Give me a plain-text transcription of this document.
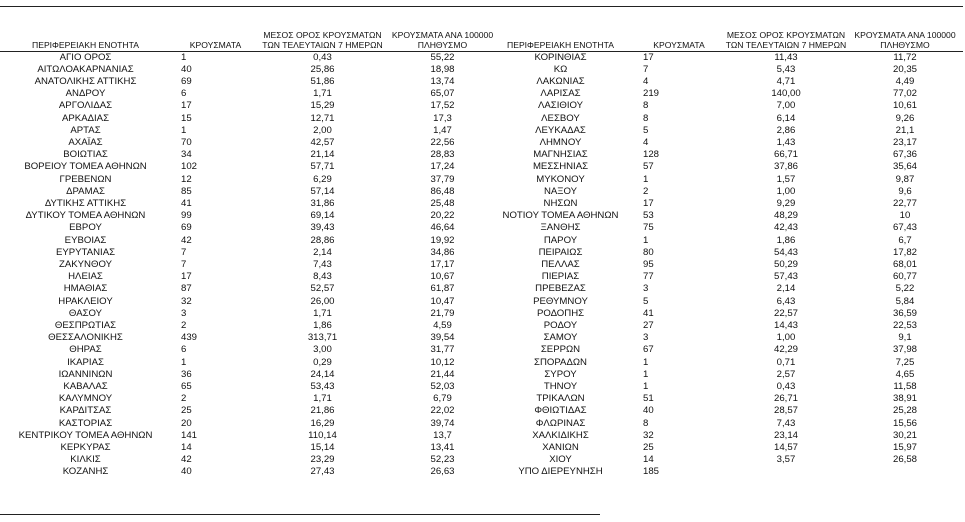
ΠΕΡΙΦΕΡΕΙΑΚΗ ΕΝΟΤΗΤΑ	ΚΡΟΥΣΜΑΤΑ	ΜΕΣΟΣ ΟΡΟΣ ΚΡΟΥΣΜΑΤΩΝ ΤΩΝ ΤΕΛΕΥΤΑΙΩΝ 7 ΗΜΕΡΩΝ	ΚΡΟΥΣΜΑΤΑ ΑΝΑ 100000 ΠΛΗΘΥΣΜΟ
ΑΓΙΟ ΟΡΟΣ	1	0,43	55,22
ΑΙΤΩΛΟΑΚΑΡΝΑΝΙΑΣ	40	25,86	18,98
ΑΝΑΤΟΛΙΚΗΣ ΑΤΤΙΚΗΣ	69	51,86	13,74
ΑΝΔΡΟΥ	6	1,71	65,07
ΑΡΓΟΛΙΔΑΣ	17	15,29	17,52
ΑΡΚΑΔΙΑΣ	15	12,71	17,3
ΑΡΤΑΣ	1	2,00	1,47
ΑΧΑΪΑΣ	70	42,57	22,56
ΒΟΙΩΤΙΑΣ	34	21,14	28,83
ΒΟΡΕΙΟΥ ΤΟΜΕΑ ΑΘΗΝΩΝ	102	57,71	17,24
ΓΡΕΒΕΝΩΝ	12	6,29	37,79
ΔΡΑΜΑΣ	85	57,14	86,48
ΔΥΤΙΚΗΣ ΑΤΤΙΚΗΣ	41	31,86	25,48
ΔΥΤΙΚΟΥ ΤΟΜΕΑ ΑΘΗΝΩΝ	99	69,14	20,22
ΕΒΡΟΥ	69	39,43	46,64
ΕΥΒΟΙΑΣ	42	28,86	19,92
ΕΥΡΥΤΑΝΙΑΣ	7	2,14	34,86
ΖΑΚΥΝΘΟΥ	7	7,43	17,17
ΗΛΕΙΑΣ	17	8,43	10,67
ΗΜΑΘΙΑΣ	87	52,57	61,87
ΗΡΑΚΛΕΙΟΥ	32	26,00	10,47
ΘΑΣΟΥ	3	1,71	21,79
ΘΕΣΠΡΩΤΙΑΣ	2	1,86	4,59
ΘΕΣΣΑΛΟΝΙΚΗΣ	439	313,71	39,54
ΘΗΡΑΣ	6	3,00	31,77
ΙΚΑΡΙΑΣ	1	0,29	10,12
ΙΩΑΝΝΙΝΩΝ	36	24,14	21,44
ΚΑΒΑΛΑΣ	65	53,43	52,03
ΚΑΛΥΜΝΟΥ	2	1,71	6,79
ΚΑΡΔΙΤΣΑΣ	25	21,86	22,02
ΚΑΣΤΟΡΙΑΣ	20	16,29	39,74
ΚΕΝΤΡΙΚΟΥ ΤΟΜΕΑ ΑΘΗΝΩΝ	141	110,14	13,7
ΚΕΡΚΥΡΑΣ	14	15,14	13,41
ΚΙΛΚΙΣ	42	23,29	52,23
ΚΟΖΑΝΗΣ	40	27,43	26,63
ΠΕΡΙΦΕΡΕΙΑΚΗ ΕΝΟΤΗΤΑ	ΚΡΟΥΣΜΑΤΑ	ΜΕΣΟΣ ΟΡΟΣ ΚΡΟΥΣΜΑΤΩΝ ΤΩΝ ΤΕΛΕΥΤΑΙΩΝ 7 ΗΜΕΡΩΝ	ΚΡΟΥΣΜΑΤΑ ΑΝΑ 100000 ΠΛΗΘΥΣΜΟ
ΚΟΡΙΝΘΙΑΣ	17	11,43	11,72
ΚΩ	7	5,43	20,35
ΛΑΚΩΝΙΑΣ	4	4,71	4,49
ΛΑΡΙΣΑΣ	219	140,00	77,02
ΛΑΣΙΘΙΟΥ	8	7,00	10,61
ΛΕΣΒΟΥ	8	6,14	9,26
ΛΕΥΚΑΔΑΣ	5	2,86	21,1
ΛΗΜΝΟΥ	4	1,43	23,17
ΜΑΓΝΗΣΙΑΣ	128	66,71	67,36
ΜΕΣΣΗΝΙΑΣ	57	37,86	35,64
ΜΥΚΟΝΟΥ	1	1,57	9,87
ΝΑΞΟΥ	2	1,00	9,6
ΝΗΣΩΝ	17	9,29	22,77
ΝΟΤΙΟΥ ΤΟΜΕΑ ΑΘΗΝΩΝ	53	48,29	10
ΞΑΝΘΗΣ	75	42,43	67,43
ΠΑΡΟΥ	1	1,86	6,7
ΠΕΙΡΑΙΩΣ	80	54,43	17,82
ΠΕΛΛΑΣ	95	50,29	68,01
ΠΙΕΡΙΑΣ	77	57,43	60,77
ΠΡΕΒΕΖΑΣ	3	2,14	5,22
ΡΕΘΥΜΝΟΥ	5	6,43	5,84
ΡΟΔΟΠΗΣ	41	22,57	36,59
ΡΟΔΟΥ	27	14,43	22,53
ΣΑΜΟΥ	3	1,00	9,1
ΣΕΡΡΩΝ	67	42,29	37,98
ΣΠΟΡΑΔΩΝ	1	0,71	7,25
ΣΥΡΟΥ	1	2,57	4,65
ΤΗΝΟΥ	1	0,43	11,58
ΤΡΙΚΑΛΩΝ	51	26,71	38,91
ΦΘΙΩΤΙΔΑΣ	40	28,57	25,28
ΦΛΩΡΙΝΑΣ	8	7,43	15,56
ΧΑΛΚΙΔΙΚΗΣ	32	23,14	30,21
ΧΑΝΙΩΝ	25	14,57	15,97
ΧΙΟΥ	14	3,57	26,58
ΥΠΟ ΔΙΕΡΕΥΝΗΣΗ	185		
